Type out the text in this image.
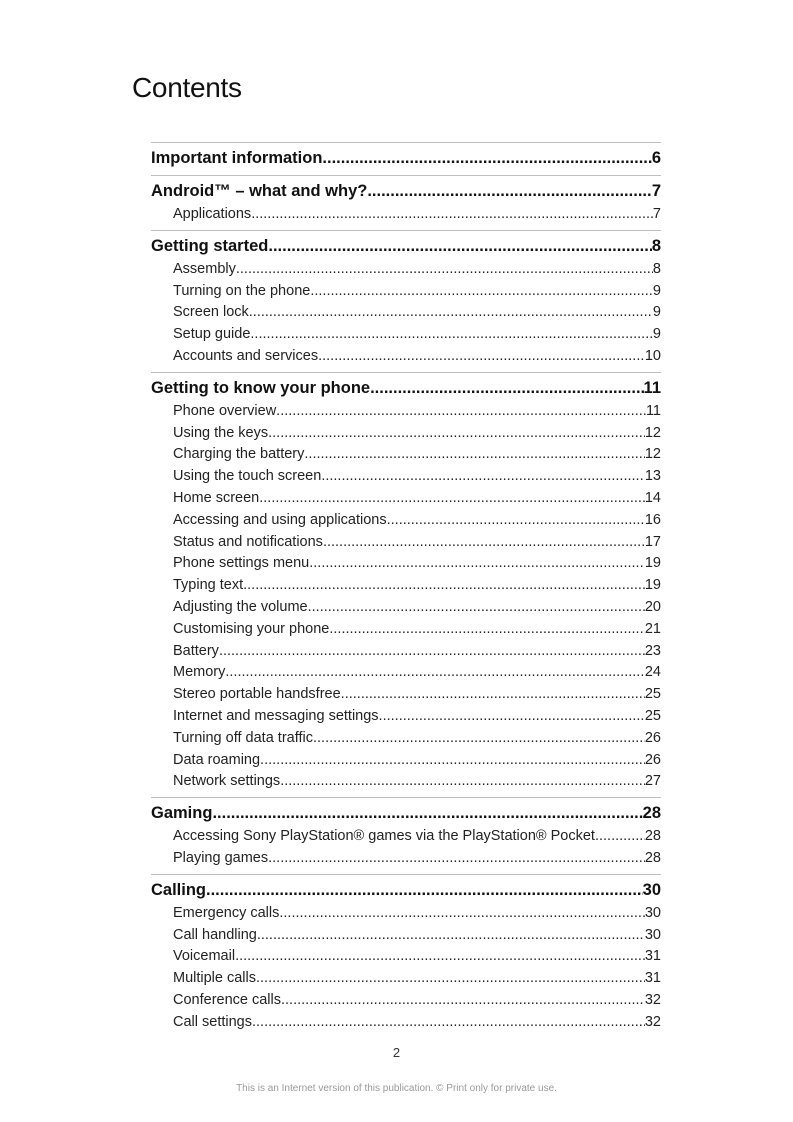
Contents
Important information .....	6
Android™ – what and why? .....	7
Applications .....	7
Getting started .....	8
Assembly .....	8
Turning on the phone .....	9
Screen lock .....	9
Setup guide .....	9
Accounts and services .....	10
Getting to know your phone .....	11
Phone overview .....	11
Using the keys .....	12
Charging the battery .....	12
Using the touch screen .....	13
Home screen .....	14
Accessing and using applications .....	16
Status and notifications .....	17
Phone settings menu .....	19
Typing text .....	19
Adjusting the volume .....	20
Customising your phone .....	21
Battery .....	23
Memory .....	24
Stereo portable handsfree .....	25
Internet and messaging settings .....	25
Turning off data traffic .....	26
Data roaming .....	26
Network settings .....	27
Gaming .....	28
Accessing Sony PlayStation® games via the PlayStation® Pocket .....	28
Playing games .....	28
Calling .....	30
Emergency calls .....	30
Call handling .....	30
Voicemail .....	31
Multiple calls .....	31
Conference calls .....	32
Call settings .....	32
2
This is an Internet version of this publication. © Print only for private use.
